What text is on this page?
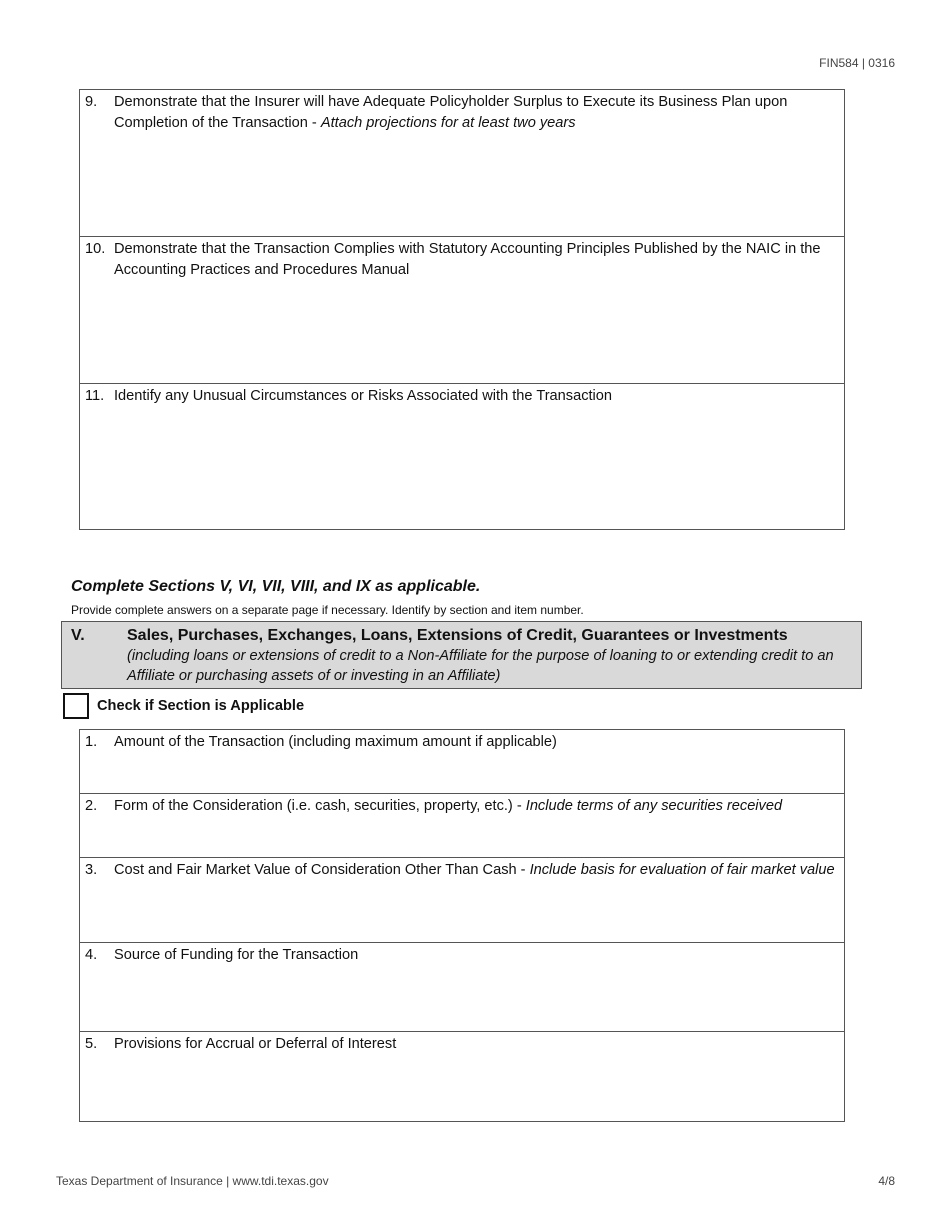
FIN584 | 0316
9.	Demonstrate that the Insurer will have Adequate Policyholder Surplus to Execute its Business Plan upon Completion of the Transaction - Attach projections for at least two years
10. Demonstrate that the Transaction Complies with Statutory Accounting Principles Published by the NAIC in the Accounting Practices and Procedures Manual
11. Identify any Unusual Circumstances or Risks Associated with the Transaction
Complete Sections V, VI, VII, VIII, and IX as applicable.
Provide complete answers on a separate page if necessary. Identify by section and item number.
V.	Sales, Purchases, Exchanges, Loans, Extensions of Credit, Guarantees or Investments
(including loans or extensions of credit to a Non-Affiliate for the purpose of loaning to or extending credit to an Affiliate or purchasing assets of or investing in an Affiliate)
Check if Section is Applicable
1.	Amount of the Transaction (including maximum amount if applicable)
2.	Form of the Consideration (i.e. cash, securities, property, etc.) - Include terms of any securities received
3.	Cost and Fair Market Value of Consideration Other Than Cash - Include basis for evaluation of fair market value
4.	Source of Funding for the Transaction
5.	Provisions for Accrual or Deferral of Interest
Texas Department of Insurance | www.tdi.texas.gov	4/8
